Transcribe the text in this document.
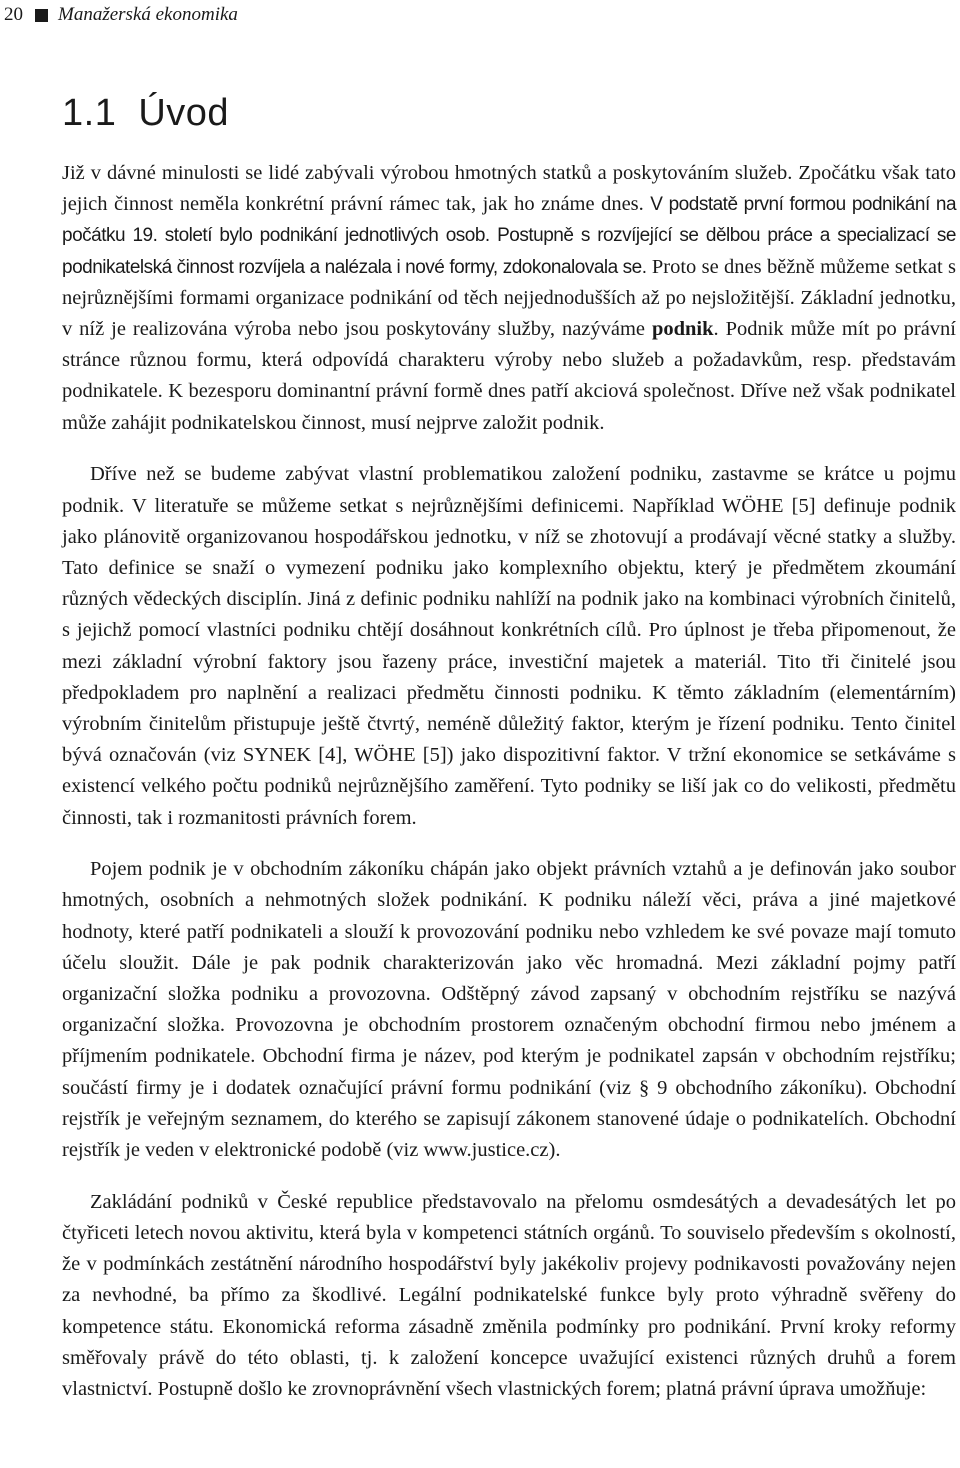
20 Manažerská ekonomika
1.1 Úvod
Již v dávné minulosti se lidé zabývali výrobou hmotných statků a poskytováním služeb. Zpočátku však tato jejich činnost neměla konkrétní právní rámec tak, jak ho známe dnes. V podstatě první formou podnikání na počátku 19. století bylo podnikání jednotlivých osob. Postupně s rozvíjející se dělbou práce a specializací se podnikatelská činnost rozvíjela a nalézala i nové formy, zdokonalovala se. Proto se dnes běžně můžeme setkat s nejrůznějšími formami organizace podnikání od těch nejjednodušších až po nejsložitější. Základní jednotku, v níž je realizována výroba nebo jsou poskytovány služby, nazýváme podnik. Podnik může mít po právní stránce různou formu, která odpovídá charakteru výroby nebo služeb a požadavkům, resp. představám podnikatele. K bezesporu dominantní právní formě dnes patří akciová společnost. Dříve než však podnikatel může zahájit podnikatelskou činnost, musí nejprve založit podnik.

Dříve než se budeme zabývat vlastní problematikou založení podniku, zastavme se krátce u pojmu podnik. V literatuře se můžeme setkat s nejrůznějšími definicemi. Například WÖHE [5] definuje podnik jako plánovitě organizovanou hospodářskou jednotku, v níž se zhotovují a prodávají věcné statky a služby. Tato definice se snaží o vymezení podniku jako komplexního objektu, který je předmětem zkoumání různých vědeckých disciplín. Jiná z definic podniku nahlíží na podnik jako na kombinaci výrobních činitelů, s jejichž pomocí vlastníci podniku chtějí dosáhnout konkrétních cílů. Pro úplnost je třeba připomenout, že mezi základní výrobní faktory jsou řazeny práce, investiční majetek a materiál. Tito tři činitelé jsou předpokladem pro naplnění a realizaci předmětu činnosti podniku. K těmto základním (elementárním) výrobním činitelům přistupuje ještě čtvrtý, neméně důležitý faktor, kterým je řízení podniku. Tento činitel bývá označován (viz SYNEK [4], WÖHE [5]) jako dispozitivní faktor. V tržní ekonomice se setkáváme s existencí velkého počtu podniků nejrůznějšího zaměření. Tyto podniky se liší jak co do velikosti, předmětu činnosti, tak i rozmanitosti právních forem.

Pojem podnik je v obchodním zákoníku chápán jako objekt právních vztahů a je definován jako soubor hmotných, osobních a nehmotných složek podnikání. K podniku náleží věci, práva a jiné majetkové hodnoty, které patří podnikateli a slouží k provozování podniku nebo vzhledem ke své povaze mají tomuto účelu sloužit. Dále je pak podnik charakterizován jako věc hromadná. Mezi základní pojmy patří organizační složka podniku a provozovna. Odštěpný závod zapsaný v obchodním rejstříku se nazývá organizační složka. Provozovna je obchodním prostorem označeným obchodní firmou nebo jménem a příjmením podnikatele. Obchodní firma je název, pod kterým je podnikatel zapsán v obchodním rejstříku; součástí firmy je i dodatek označující právní formu podnikání (viz § 9 obchodního zákoníku). Obchodní rejstřík je veřejným seznamem, do kterého se zapisují zákonem stanovené údaje o podnikatelích. Obchodní rejstřík je veden v elektronické podobě (viz www.justice.cz).

Zakládání podniků v České republice představovalo na přelomu osmdesátých a devadesátých let po čtyřiceti letech novou aktivitu, která byla v kompetenci státních orgánů. To souviselo především s okolností, že v podmínkách zestátnění národního hospodářství byly jakékoliv projevy podnikavosti považovány nejen za nevhodné, ba přímo za škodlivé. Legální podnikatelské funkce byly proto výhradně svěřeny do kompetence státu. Ekonomická reforma zásadně změnila podmínky pro podnikání. První kroky reformy směřovaly právě do této oblasti, tj. k založení koncepce uvažující existenci různých druhů a forem vlastnictví. Postupně došlo ke zrovnoprávnění všech vlastnických forem; platná právní úprava umožňuje:
